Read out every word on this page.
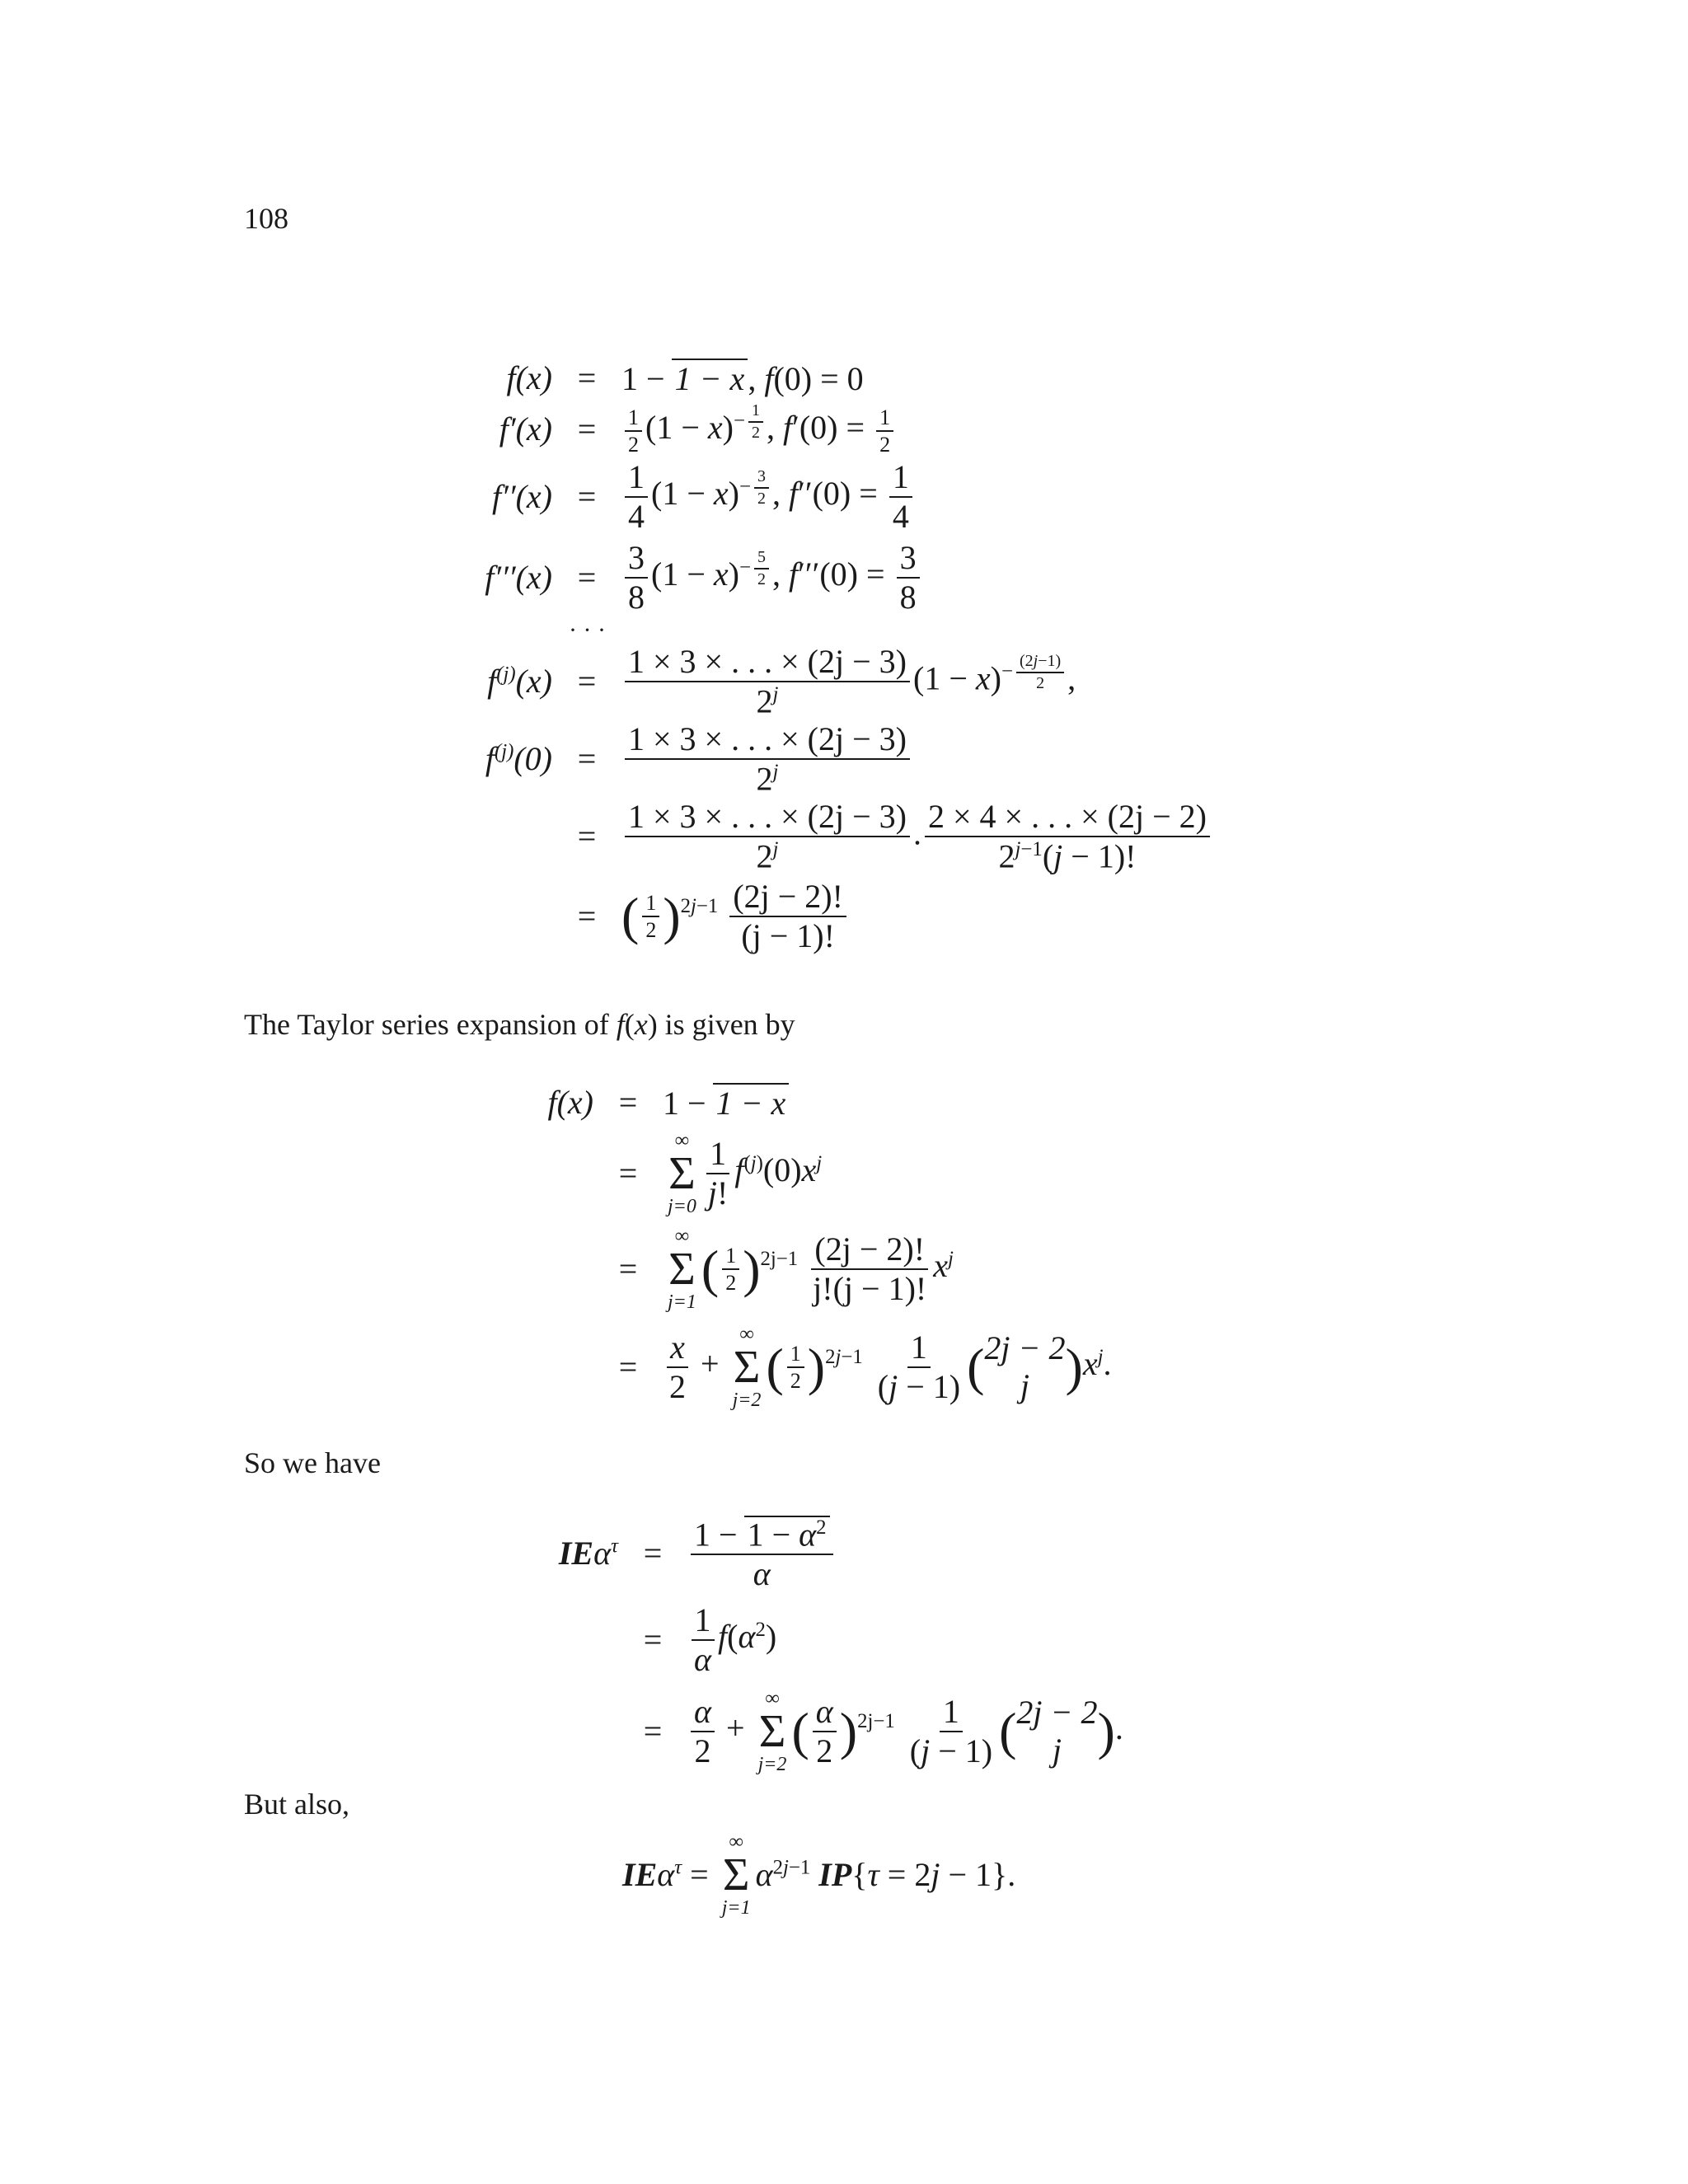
108
f(x) = 1 − 1 − x , f(0) = 0
f′(x) =	$\frac{1}{2} (1 - x)^{- \frac{1}{2}}$ , $f'(0) = \frac{1}{2}$
$f''(x) = \frac{1}{4} (1 - x)^{- \frac{3}{2}}$ , $f''(0) = \frac{1}{4}$
$f'''(x) = \frac{3}{8} (1 - x)^{- \frac{5}{2}}$ , $f'''(0) = \frac{3}{8}$
· · ·
$f^{(j)}(x) = \frac{1 \times 3 \times . . . \times (2j - 3)}{2^j} (1 - x)^{- \frac{(2j-1)}{2}}$ ,
$f^{(j)}(0) = \frac{1 \times 3 \times . . . \times (2j - 3)}{2^j}$
= $\frac{1 \times 3 \times . . . \times (2j - 3)}{2^j}$ . $\frac{2 \times 4 \times . . . \times (2j - 2)}{2^{j-1}(j - 1)!}$
= ( $\frac{1}{2} )^{2j-1} \frac{(2j - 2)!}{(j - 1)!}$
The Taylor series expansion of f(x) is given by
f(x) = 1 − 1 − x
=
∞
Σ
$j=0 \frac{1}{j!} f^{(j)}(0)x^j$
=
∞
Σ
j=1
( $\frac{1}{2} )^{2j-1} \frac{(2j - 2)!}{j!(j - 1)!} x^j$
= $\frac{x}{2}$ +
∞
Σ
j=2
( $\frac{1}{2} )^{2j-1} \frac{1}{(j - 1)}$ ( 2j − 2
j )$x^j$.
So we have
$IE\alpha^\tau = \frac{1 - 1 - \alpha^2}{\alpha}$
= $\frac{1}{\alpha} f(\alpha^2)$
= $\frac{\alpha}{2}$ +
∞
Σ
j=2
( $\frac{\alpha}{2} )^{2j-1} \frac{1}{(j - 1)}$ ( 2j − 2
j ).
But also,
IEα$^\tau$ =
∞
Σ
j=1
$\alpha^{2j-1}$ IP{τ = 2j − 1}.
